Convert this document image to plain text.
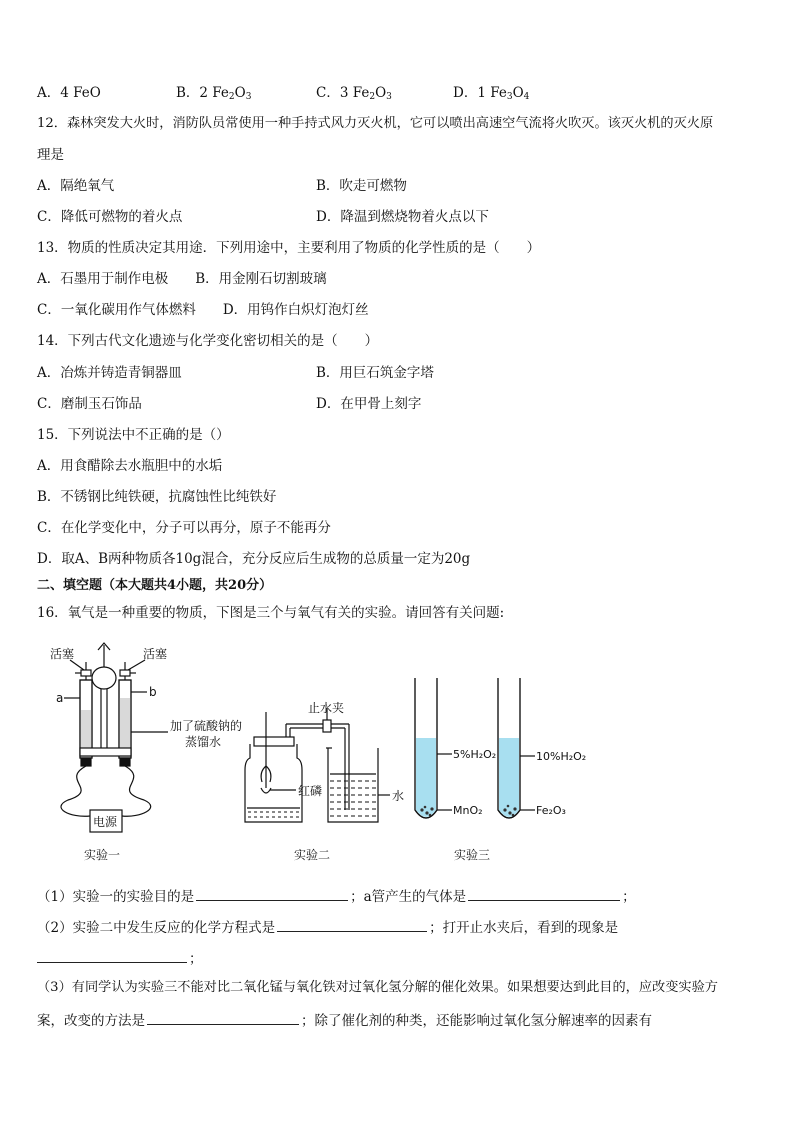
A．4 FeO	B．2 $Fe_2O_3$	C．3 $Fe_2O_3$	D．1 $Fe_3O_4$
12．森林突发大火时，消防队员常使用一种手持式风力灭火机，它可以喷出高速空气流将火吹灭。该灭火机的灭火原
理是
A．隔绝氧气	B．吹走可燃物
C．降低可燃物的着火点	D．降温到燃烧物着火点以下
13．物质的性质决定其用途．下列用途中，主要利用了物质的化学性质的是（　　）
A．石墨用于制作电极　　B．用金刚石切割玻璃
C．一氧化碳用作气体燃料　　D．用钨作白炽灯泡灯丝
14．下列古代文化遗迹与化学变化密切相关的是（　　）
A．冶炼并铸造青铜器皿	B．用巨石筑金字塔
C．磨制玉石饰品	D．在甲骨上刻字
15．下列说法中不正确的是（）
A．用食醋除去水瓶胆中的水垢
B．不锈钢比纯铁硬，抗腐蚀性比纯铁好
C．在化学变化中，分子可以再分，原子不能再分
D．取A、B两种物质各10g混合，充分反应后生成物的总质量一定为20g
二、填空题（本大题共4小题，共20分）
16．氧气是一种重要的物质，下图是三个与氧气有关的实验。请回答有关问题:
活塞	活塞
a	b
加了硫酸钠的
蒸馏水
电源
实验一
止水夹
红磷	水
实验二
5%H₂O₂
MnO₂
10%H₂O₂
Fe₂O₃
实验三
（1）实验一的实验目的是	；a管产生的气体是	；
（2）实验二中发生反应的化学方程式是	；打开止水夹后，看到的现象是
；
（3）有同学认为实验三不能对比二氧化锰与氧化铁对过氧化氢分解的催化效果。如果想要达到此目的，应改变实验方
案，改变的方法是	；除了催化剂的种类，还能影响过氧化氢分解速率的因素有
